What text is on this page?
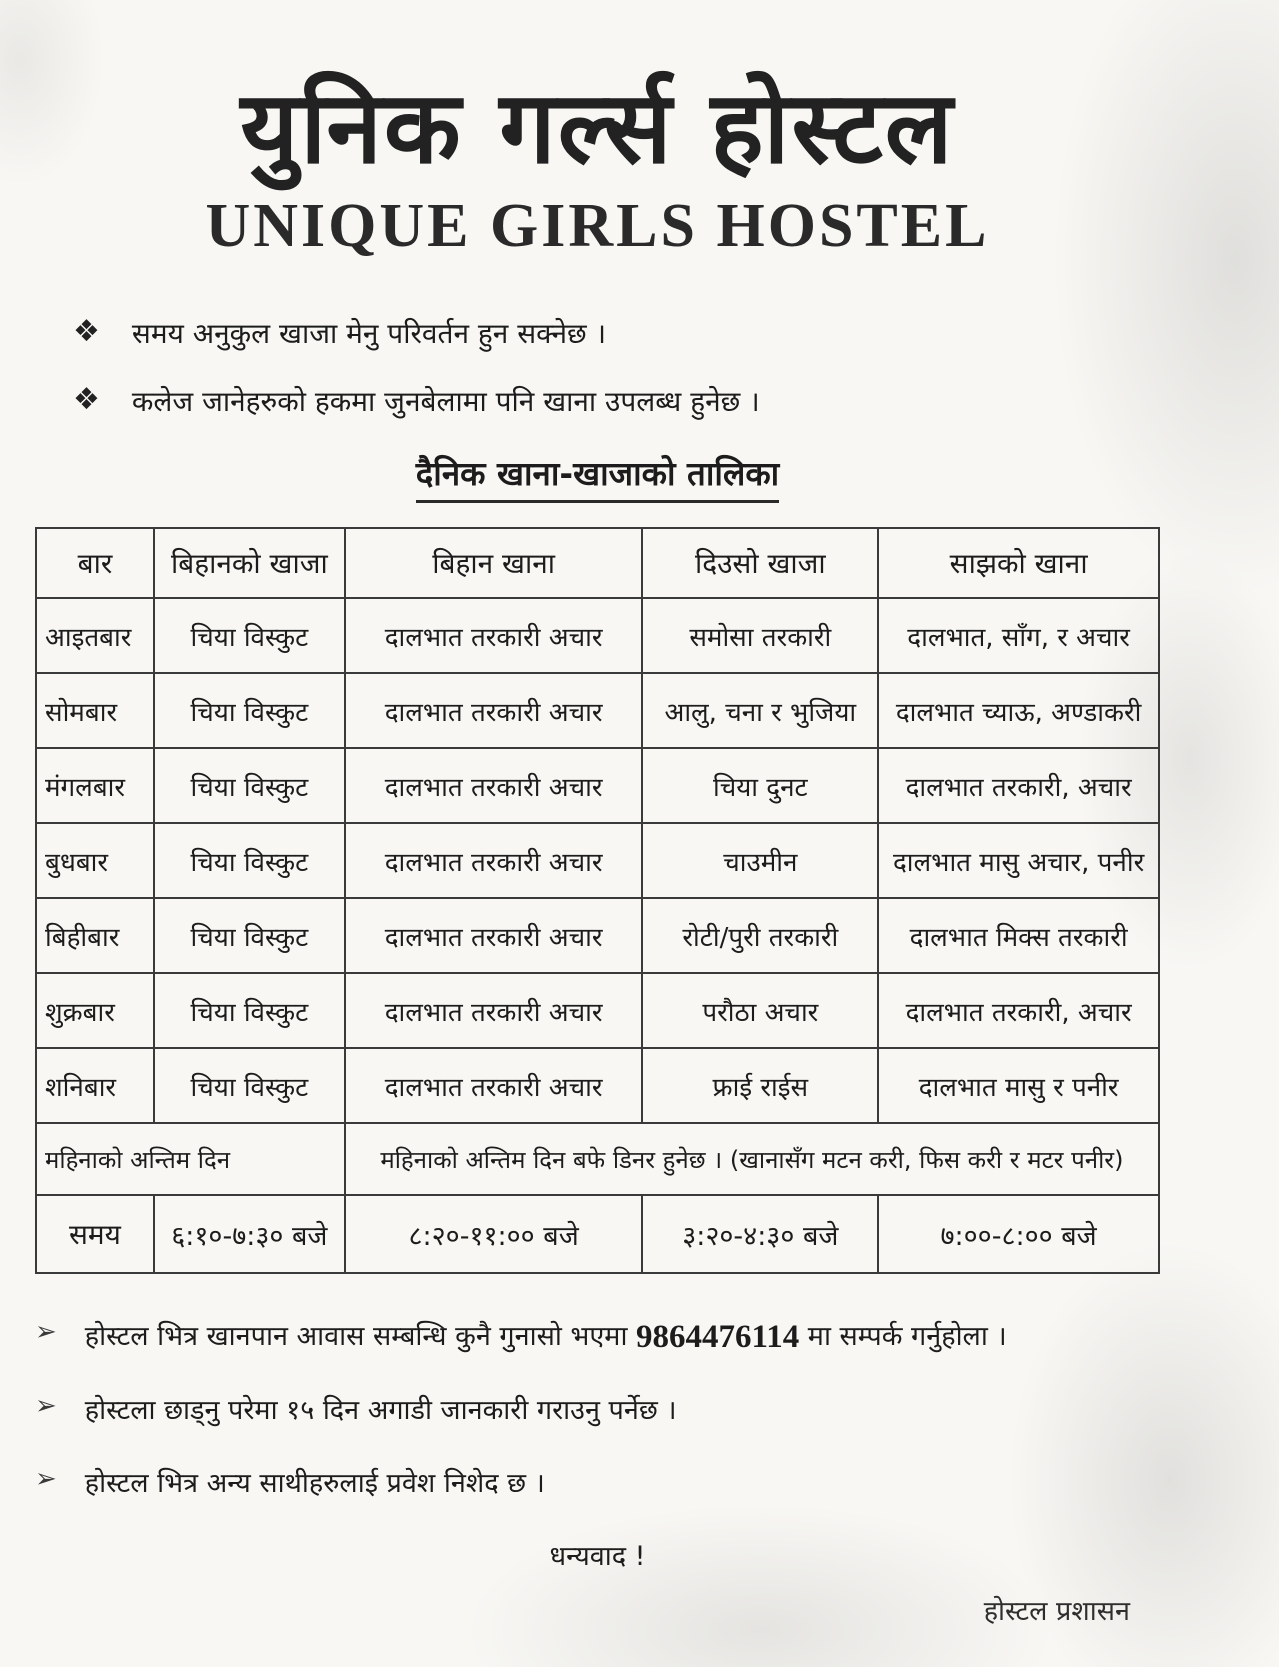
युनिक गर्ल्स होस्टल
UNIQUE GIRLS HOSTEL
❖ समय अनुकुल खाजा मेनु परिवर्तन हुन सक्नेछ ।
❖ कलेज जानेहरुको हकमा जुनबेलामा पनि खाना उपलब्ध हुनेछ ।
दैनिक खाना-खाजाको तालिका
बार	बिहानको खाजा	बिहान खाना	दिउसो खाजा	साझको खाना
आइतबार	चिया विस्कुट	दालभात तरकारी अचार	समोसा तरकारी	दालभात, साँग, र अचार
सोमबार	चिया विस्कुट	दालभात तरकारी अचार	आलु, चना र भुजिया	दालभात च्याऊ, अण्डाकरी
मंगलबार	चिया विस्कुट	दालभात तरकारी अचार	चिया दुनट	दालभात तरकारी, अचार
बुधबार	चिया विस्कुट	दालभात तरकारी अचार	चाउमीन	दालभात मासु अचार, पनीर
बिहीबार	चिया विस्कुट	दालभात तरकारी अचार	रोटी/पुरी तरकारी	दालभात मिक्स तरकारी
शुक्रबार	चिया विस्कुट	दालभात तरकारी अचार	परौठा अचार	दालभात तरकारी, अचार
शनिबार	चिया विस्कुट	दालभात तरकारी अचार	फ्राई राईस	दालभात मासु र पनीर
महिनाको अन्तिम दिन		महिनाको अन्तिम दिन बफे डिनर हुनेछ । (खानासँग मटन करी, फिस करी र मटर पनीर)		
समय	६:१०-७:३० बजे	८:२०-११:०० बजे	३:२०-४:३० बजे	७:००-८:०० बजे
➢ होस्टल भित्र खानपान आवास सम्बन्धि कुनै गुनासो भएमा 9864476114 मा सम्पर्क गर्नुहोला ।
➢ होस्टला छाड्नु परेमा १५ दिन अगाडी जानकारी गराउनु पर्नेछ ।
➢ होस्टल भित्र अन्य साथीहरुलाई प्रवेश निशेद छ ।
धन्यवाद !
होस्टल प्रशासन
